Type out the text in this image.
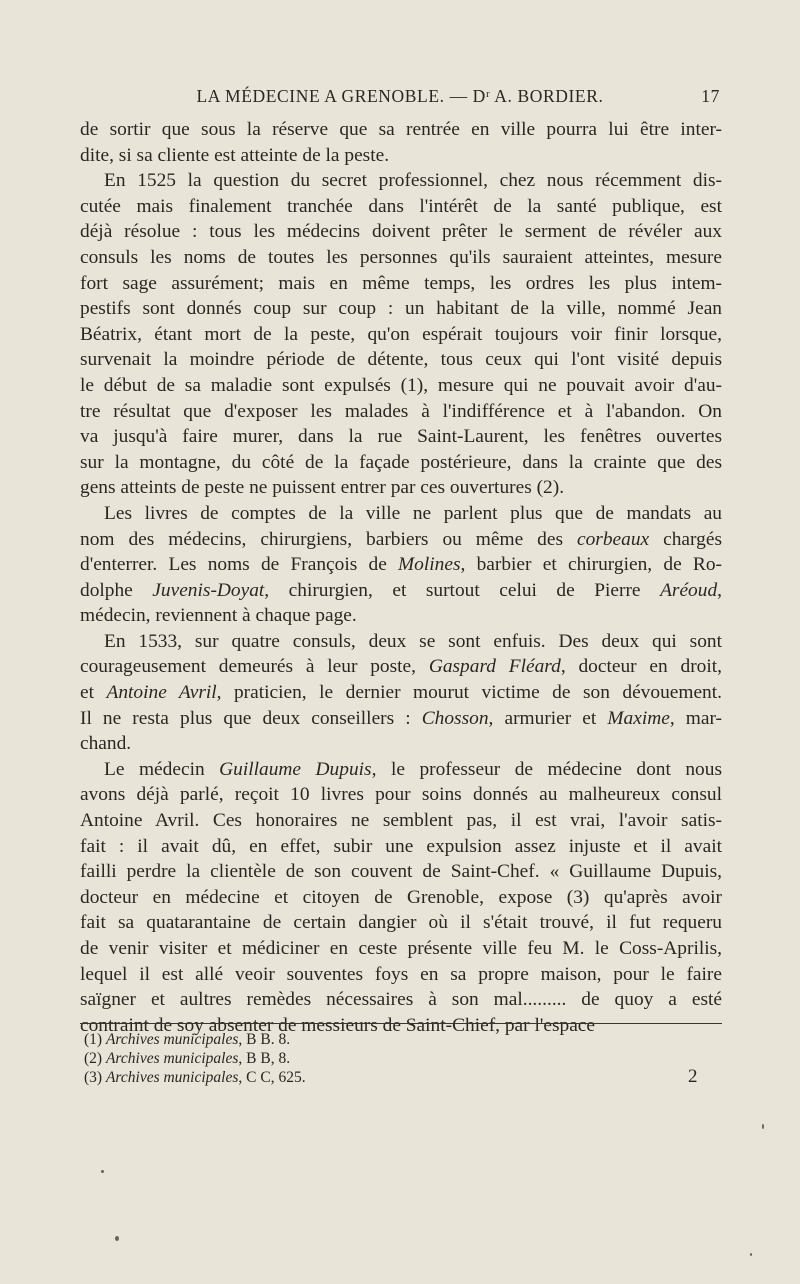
LA MÉDECINE A GRENOBLE. — Dʳ A. BORDIER.	17
de sortir que sous la réserve que sa rentrée en ville pourra lui être inter-
dite, si sa cliente est atteinte de la peste.
En 1525 la question du secret professionnel, chez nous récemment dis-
cutée mais finalement tranchée dans l'intérêt de la santé publique, est
déjà résolue : tous les médecins doivent prêter le serment de révéler aux
consuls les noms de toutes les personnes qu'ils sauraient atteintes, mesure
fort sage assurément; mais en même temps, les ordres les plus intem-
pestifs sont donnés coup sur coup : un habitant de la ville, nommé Jean
Béatrix, étant mort de la peste, qu'on espérait toujours voir finir lorsque,
survenait la moindre période de détente, tous ceux qui l'ont visité depuis
le début de sa maladie sont expulsés (1), mesure qui ne pouvait avoir d'au-
tre résultat que d'exposer les malades à l'indifférence et à l'abandon. On
va jusqu'à faire murer, dans la rue Saint-Laurent, les fenêtres ouvertes
sur la montagne, du côté de la façade postérieure, dans la crainte que des
gens atteints de peste ne puissent entrer par ces ouvertures (2).
Les livres de comptes de la ville ne parlent plus que de mandats au
nom des médecins, chirurgiens, barbiers ou même des corbeaux chargés
d'enterrer. Les noms de François de Molines, barbier et chirurgien, de Ro-
dolphe Juvenis-Doyat, chirurgien, et surtout celui de Pierre Aréoud,
médecin, reviennent à chaque page.
En 1533, sur quatre consuls, deux se sont enfuis. Des deux qui sont
courageusement demeurés à leur poste, Gaspard Fléard, docteur en droit,
et Antoine Avril, praticien, le dernier mourut victime de son dévouement.
Il ne resta plus que deux conseillers : Chosson, armurier et Maxime, mar-
chand.
Le médecin Guillaume Dupuis, le professeur de médecine dont nous
avons déjà parlé, reçoit 10 livres pour soins donnés au malheureux consul
Antoine Avril. Ces honoraires ne semblent pas, il est vrai, l'avoir satis-
fait : il avait dû, en effet, subir une expulsion assez injuste et il avait
failli perdre la clientèle de son couvent de Saint-Chef. « Guillaume Dupuis,
docteur en médecine et citoyen de Grenoble, expose (3) qu'après avoir
fait sa quatarantaine de certain dangier où il s'était trouvé, il fut requeru
de venir visiter et médiciner en ceste présente ville feu M. le Coss-Aprilis,
lequel il est allé veoir souventes foys en sa propre maison, pour le faire
saïgner et aultres remèdes nécessaires à son mal......... de quoy a esté
contraint de soy absenter de messieurs de Saint-Chief, par l'espace
(1) Archives municipales, B B. 8.
(2) Archives municipales, B B, 8.
(3) Archives municipales, C C, 625.	2
